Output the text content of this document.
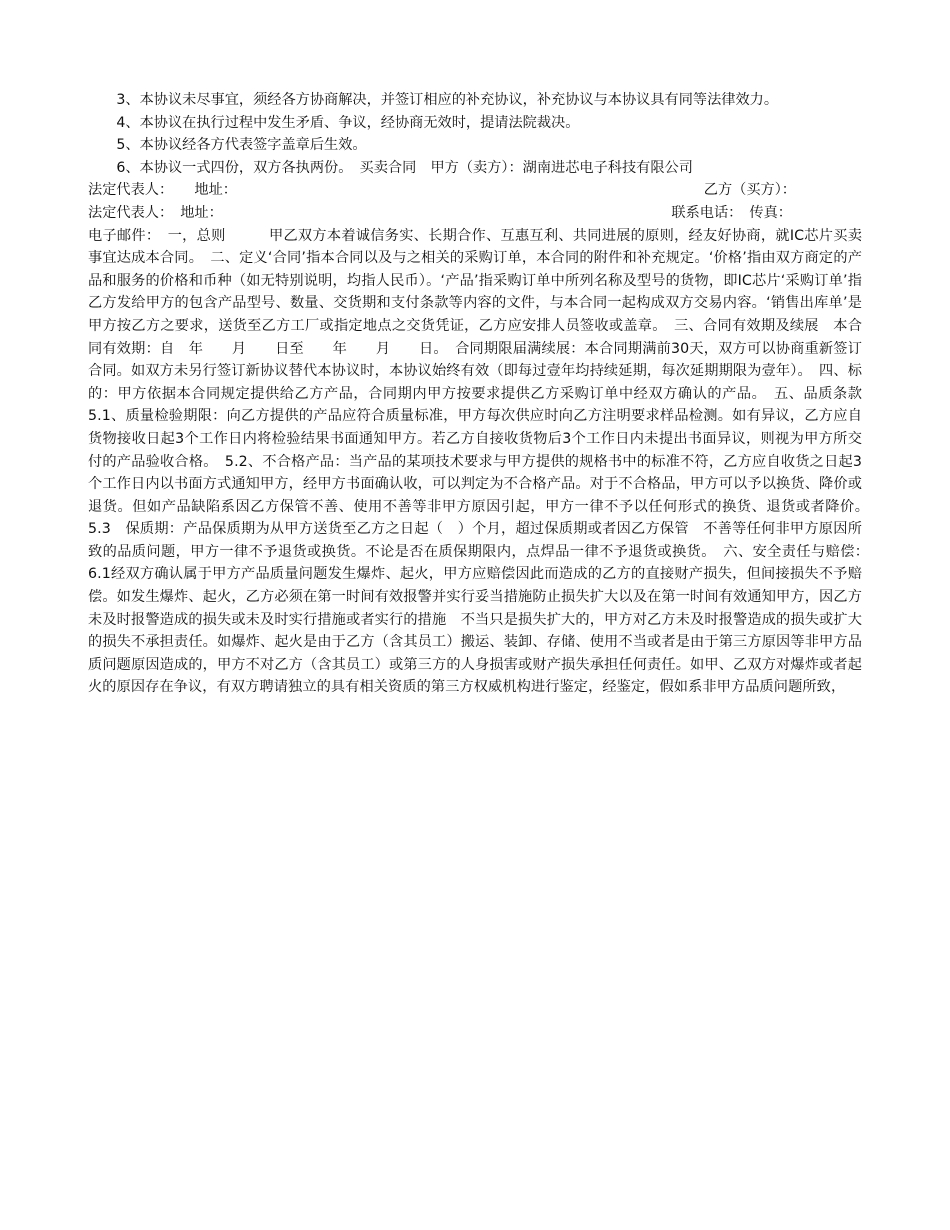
3、本协议未尽事宜，须经各方协商解决，并签订相应的补充协议，补充协议与本协议具有同等法律效力。

4、本协议在执行过程中发生矛盾、争议，经协商无效时，提请法院裁决。

5、本协议经各方代表签字盖章后生效。

6、本协议一式四份，双方各执两份。　买卖合同　甲方（卖方）：湖南进芯电子科技有限公司

法定代表人：　　地址：	乙方（买方）：
法定代表人：　地址：	联系电话：　传真：

电子邮件：　一，总则　　　甲乙双方本着诚信务实、长期合作、互惠互利、共同进展的原则，经友好协商，就IC芯片买卖事宜达成本合同。　二、定义‘合同’指本合同以及与之相关的采购订单，本合同的附件和补充规定。‘价格’指由双方商定的产品和服务的价格和币种（如无特别说明，均指人民币）。‘产品’指采购订单中所列名称及型号的货物，即IC芯片‘采购订单’指乙方发给甲方的包含产品型号、数量、交货期和支付条款等内容的文件，与本合同一起构成双方交易内容。‘销售出库单’是甲方按乙方之要求，送货至乙方工厂或指定地点之交货凭证，乙方应安排人员签收或盖章。　三、合同有效期及续展　本合同有效期：自　年　　月　　日至　　年　　月　　日。　合同期限届满续展：本合同期满前30天，双方可以协商重新签订合同。如双方未另行签订新协议替代本协议时，本协议始终有效（即每过壹年均持续延期，每次延期期限为壹年）。　四、标的：甲方依据本合同规定提供给乙方产品，合同期内甲方按要求提供乙方采购订单中经双方确认的产品。　五、品质条款　5.1、质量检验期限：向乙方提供的产品应符合质量标准，甲方每次供应时向乙方注明要求样品检测。如有异议，乙方应自货物接收日起3个工作日内将检验结果书面通知甲方。若乙方自接收货物后3个工作日内未提出书面异议，则视为甲方所交付的产品验收合格。　5.2、不合格产品：当产品的某项技术要求与甲方提供的规格书中的标准不符，乙方应自收货之日起3个工作日内以书面方式通知甲方，经甲方书面确认收，可以判定为不合格产品。对于不合格品，甲方可以予以换货、降价或退货。但如产品缺陷系因乙方保管不善、使用不善等非甲方原因引起，甲方一律不予以任何形式的换货、退货或者降价。　 5.3　保质期：产品保质期为从甲方送货至乙方之日起（　）个月，超过保质期或者因乙方保管　不善等任何非甲方原因所致的品质问题，甲方一律不予退货或换货。不论是否在质保期限内，点焊品一律不予退货或换货。　六、安全责任与赔偿：　6.1经双方确认属于甲方产品质量问题发生爆炸、起火，甲方应赔偿因此而造成的乙方的直接财产损失，但间接损失不予赔偿。如发生爆炸、起火，乙方必须在第一时间有效报警并实行妥当措施防止损失扩大以及在第一时间有效通知甲方，因乙方未及时报警造成的损失或未及时实行措施或者实行的措施　不当只是损失扩大的，甲方对乙方未及时报警造成的损失或扩大的损失不承担责任。如爆炸、起火是由于乙方（含其员工）搬运、装卸、存储、使用不当或者是由于第三方原因等非甲方品质问题原因造成的，甲方不对乙方（含其员工）或第三方的人身损害或财产损失承担任何责任。如甲、乙双方对爆炸或者起火的原因存在争议，有双方聘请独立的具有相关资质的第三方权威机构进行鉴定，经鉴定，假如系非甲方品质问题所致，
